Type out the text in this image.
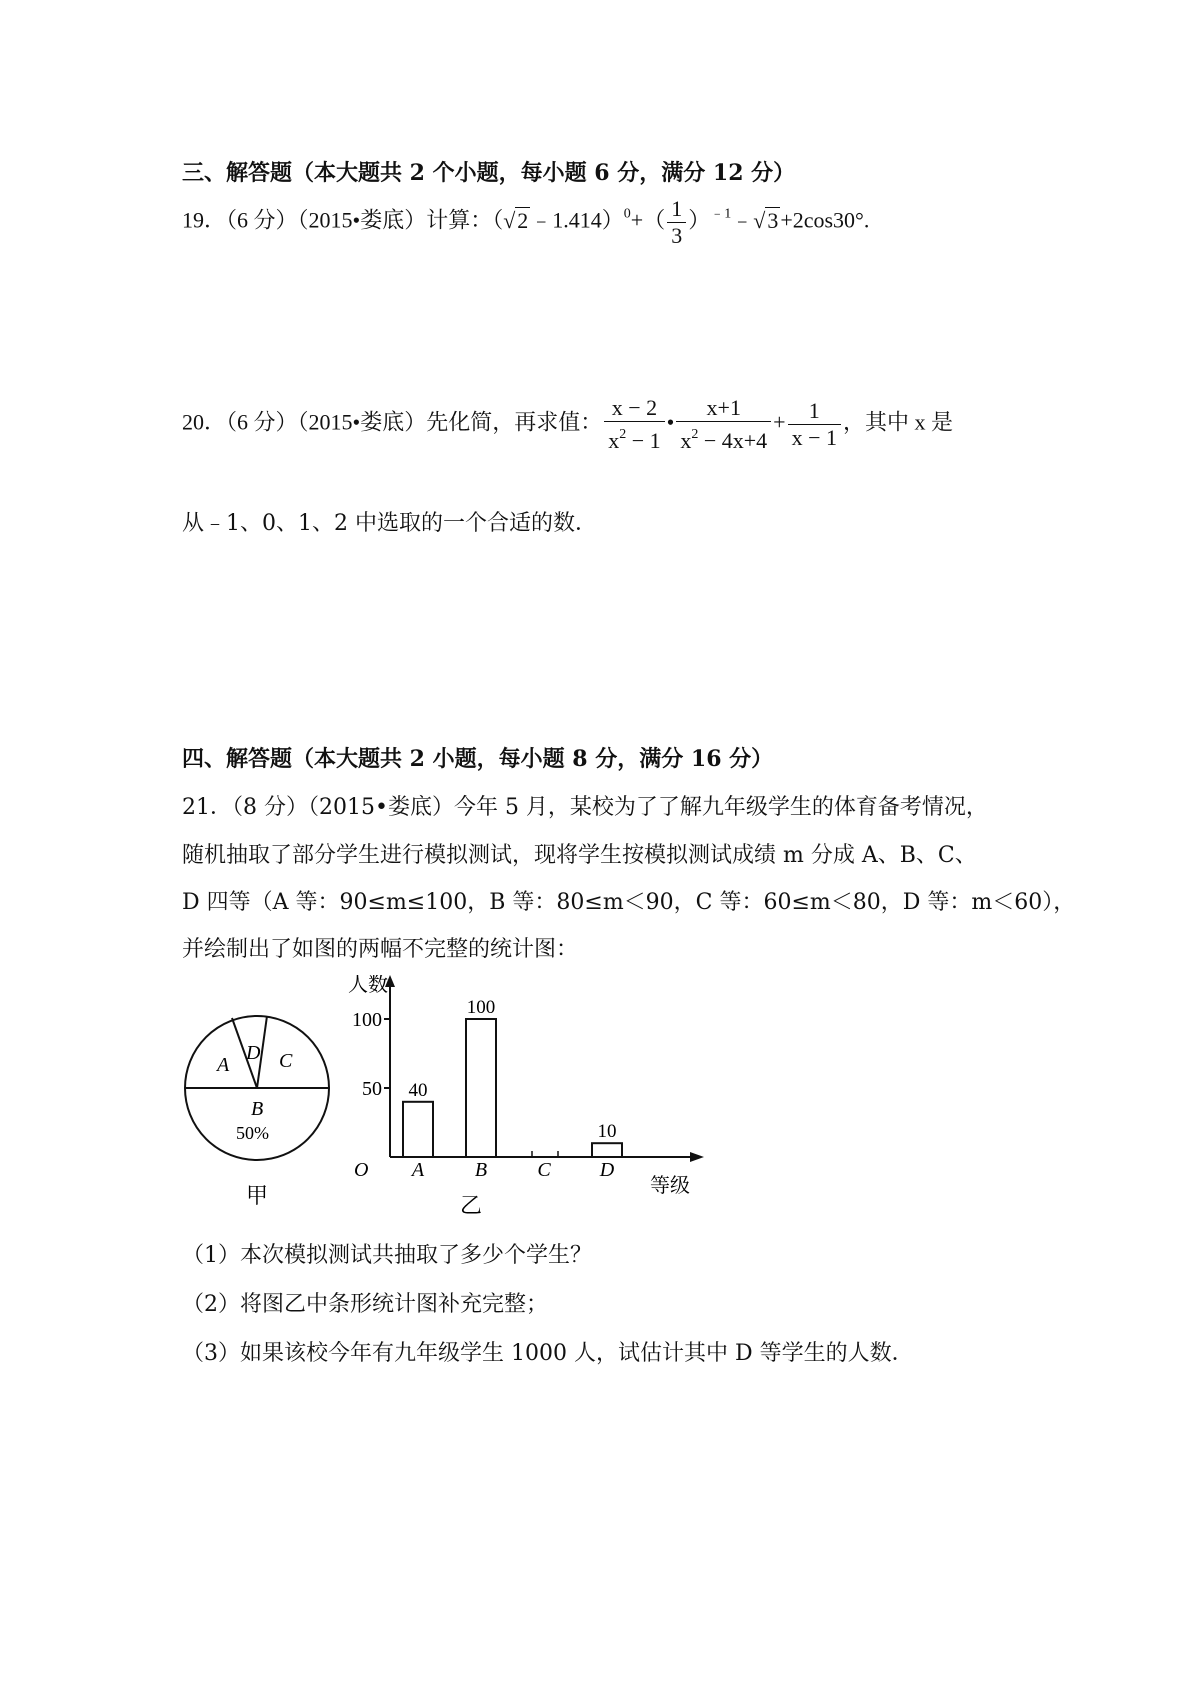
三、解答题（本大题共 2 个小题，每小题 6 分，满分 12 分）
19．（6 分）（2015•娄底）计算：（√2﹣1.414）$^0$+（ $\frac{1}{3}$ ）$^{﹣1}$﹣√3+2cos30°.
20．（6 分）（2015•娄底）先化简，再求值： $\frac{x - 2}{x^2 - 1}$ • $\frac{x+1}{x^2 - 4x+4} + \frac{1}{x - 1}$ ，其中 x 是
从﹣1、0、1、2 中选取的一个合适的数．
四、解答题（本大题共 2 小题，每小题 8 分，满分 16 分）
21．（8 分）（2015•娄底）今年 5 月，某校为了了解九年级学生的体育备考情况，
随机抽取了部分学生进行模拟测试，现将学生按模拟测试成绩 m 分成 A、B、C、
D 四等（A 等：90≤m≤100，B 等：80≤m＜90，C 等：60≤m＜80，D 等：m＜60），
并绘制出了如图的两幅不完整的统计图：
A
D C
B
50%
甲
40
100
10
人数
O
等级
乙
50
100
A	B	C D
（1）本次模拟测试共抽取了多少个学生？
（2）将图乙中条形统计图补充完整；
（3）如果该校今年有九年级学生 1000 人，试估计其中 D 等学生的人数．
